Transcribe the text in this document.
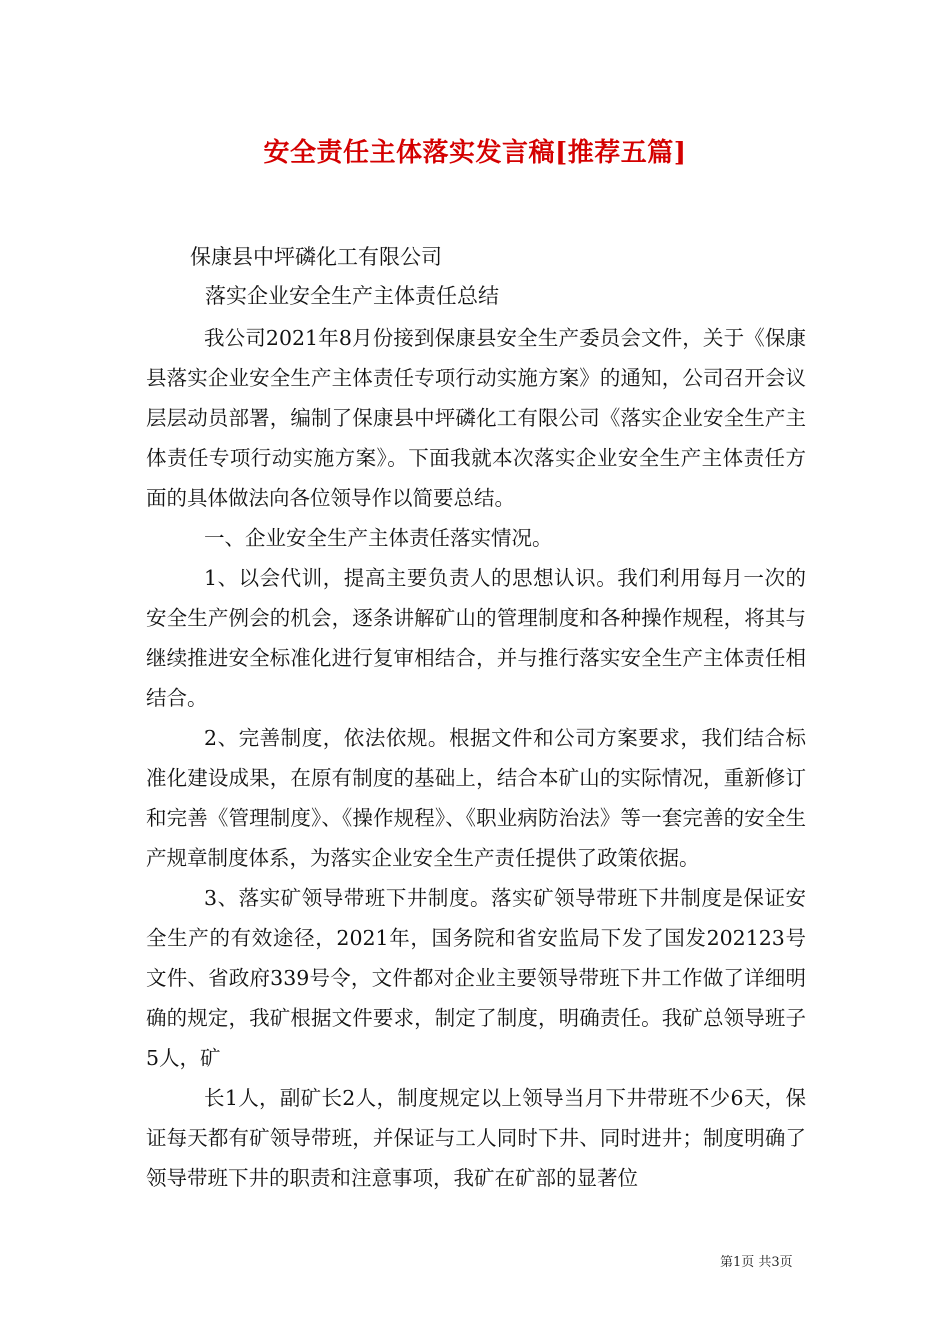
安全责任主体落实发言稿[推荐五篇]
保康县中坪磷化工有限公司
落实企业安全生产主体责任总结

我公司2021年8月份接到保康县安全生产委员会文件，关于《保康县落实企业安全生产主体责任专项行动实施方案》的通知，公司召开会议层层动员部署，编制了保康县中坪磷化工有限公司《落实企业安全生产主体责任专项行动实施方案》。下面我就本次落实企业安全生产主体责任方面的具体做法向各位领导作以简要总结。

一、企业安全生产主体责任落实情况。

1、以会代训，提高主要负责人的思想认识。我们利用每月一次的安全生产例会的机会，逐条讲解矿山的管理制度和各种操作规程，将其与继续推进安全标准化进行复审相结合，并与推行落实安全生产主体责任相结合。

2、完善制度，依法依规。根据文件和公司方案要求，我们结合标准化建设成果，在原有制度的基础上，结合本矿山的实际情况，重新修订和完善《管理制度》、《操作规程》、《职业病防治法》等一套完善的安全生产规章制度体系，为落实企业安全生产责任提供了政策依据。

3、落实矿领导带班下井制度。落实矿领导带班下井制度是保证安全生产的有效途径，2021年，国务院和省安监局下发了国发202123号文件、省政府339号令，文件都对企业主要领导带班下井工作做了详细明确的规定，我矿根据文件要求，制定了制度，明确责任。我矿总领导班子5人，矿

长1人，副矿长2人，制度规定以上领导当月下井带班不少6天，保证每天都有矿领导带班，并保证与工人同时下井、同时进井；制度明确了领导带班下井的职责和注意事项，我矿在矿部的显著位

第1页 共3页
